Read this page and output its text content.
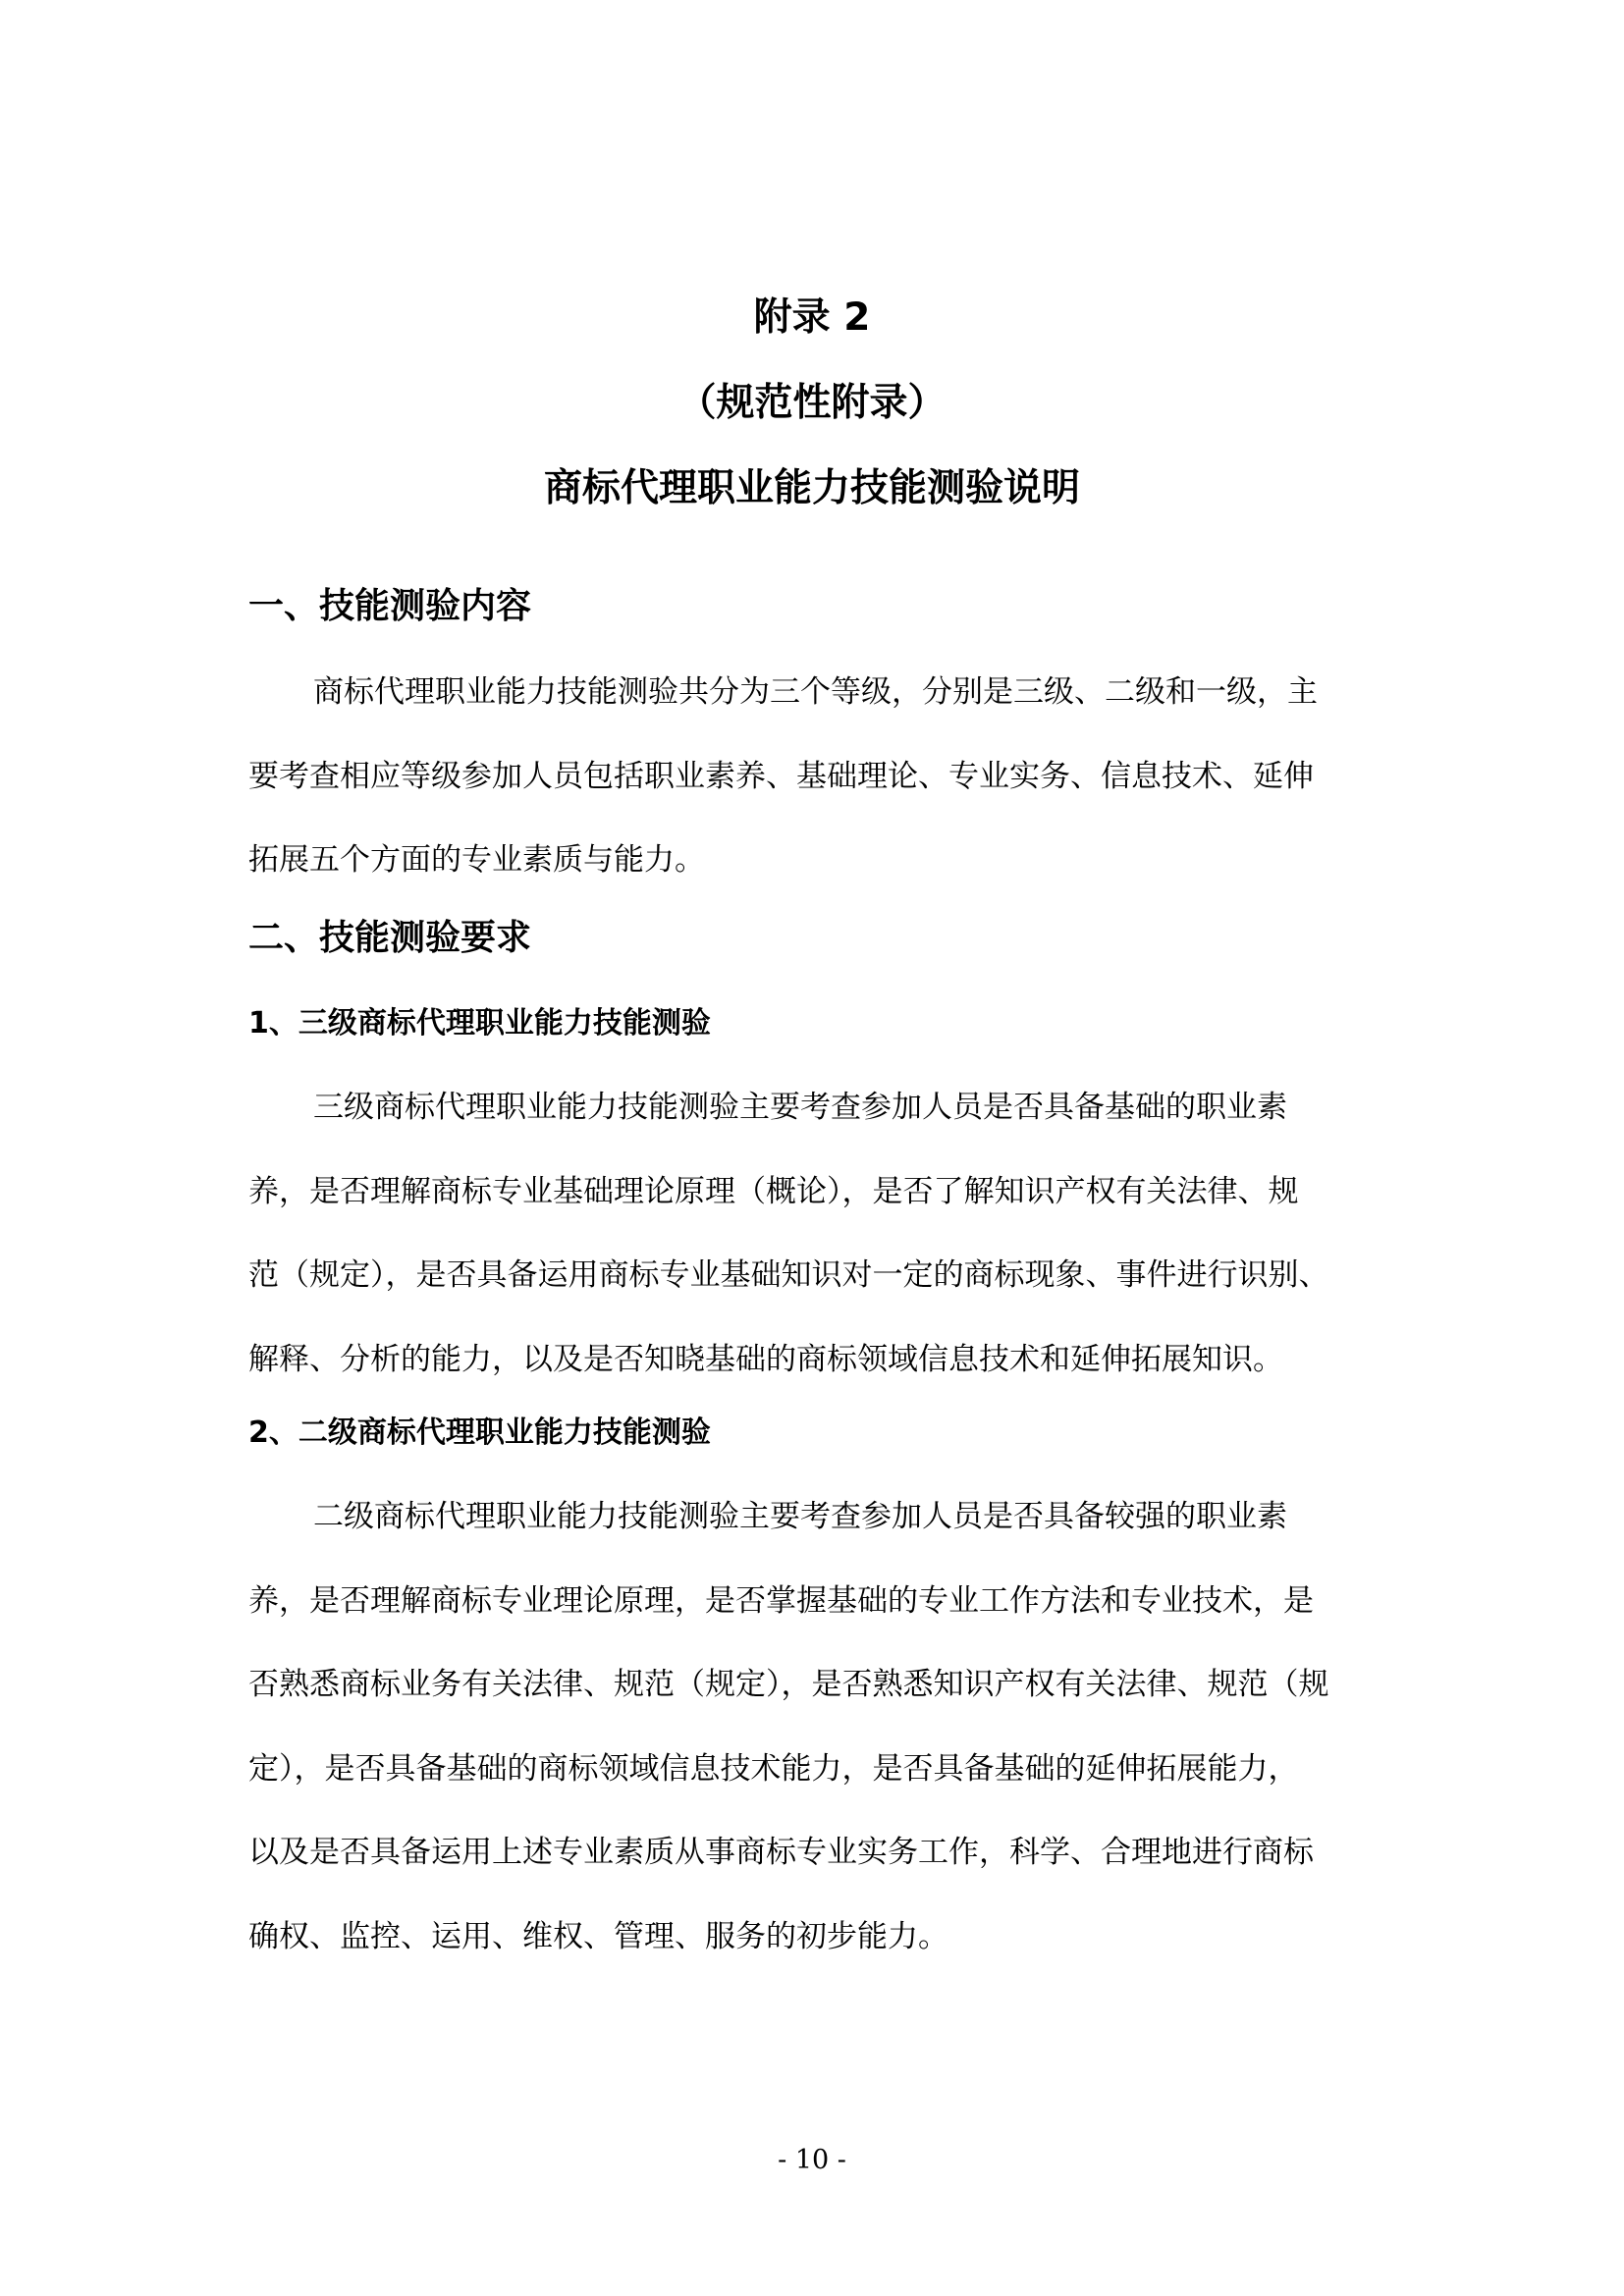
附录 2
（规范性附录）
商标代理职业能力技能测验说明
一、技能测验内容
商标代理职业能力技能测验共分为三个等级，分别是三级、二级和一级，主
要考查相应等级参加人员包括职业素养、基础理论、专业实务、信息技术、延伸
拓展五个方面的专业素质与能力。
二、技能测验要求
1、三级商标代理职业能力技能测验
三级商标代理职业能力技能测验主要考查参加人员是否具备基础的职业素
养，是否理解商标专业基础理论原理（概论），是否了解知识产权有关法律、规
范（规定），是否具备运用商标专业基础知识对一定的商标现象、事件进行识别、
解释、分析的能力，以及是否知晓基础的商标领域信息技术和延伸拓展知识。
2、二级商标代理职业能力技能测验
二级商标代理职业能力技能测验主要考查参加人员是否具备较强的职业素
养，是否理解商标专业理论原理，是否掌握基础的专业工作方法和专业技术，是
否熟悉商标业务有关法律、规范（规定），是否熟悉知识产权有关法律、规范（规
定），是否具备基础的商标领域信息技术能力，是否具备基础的延伸拓展能力，
以及是否具备运用上述专业素质从事商标专业实务工作，科学、合理地进行商标
确权、监控、运用、维权、管理、服务的初步能力。
- 10 -
